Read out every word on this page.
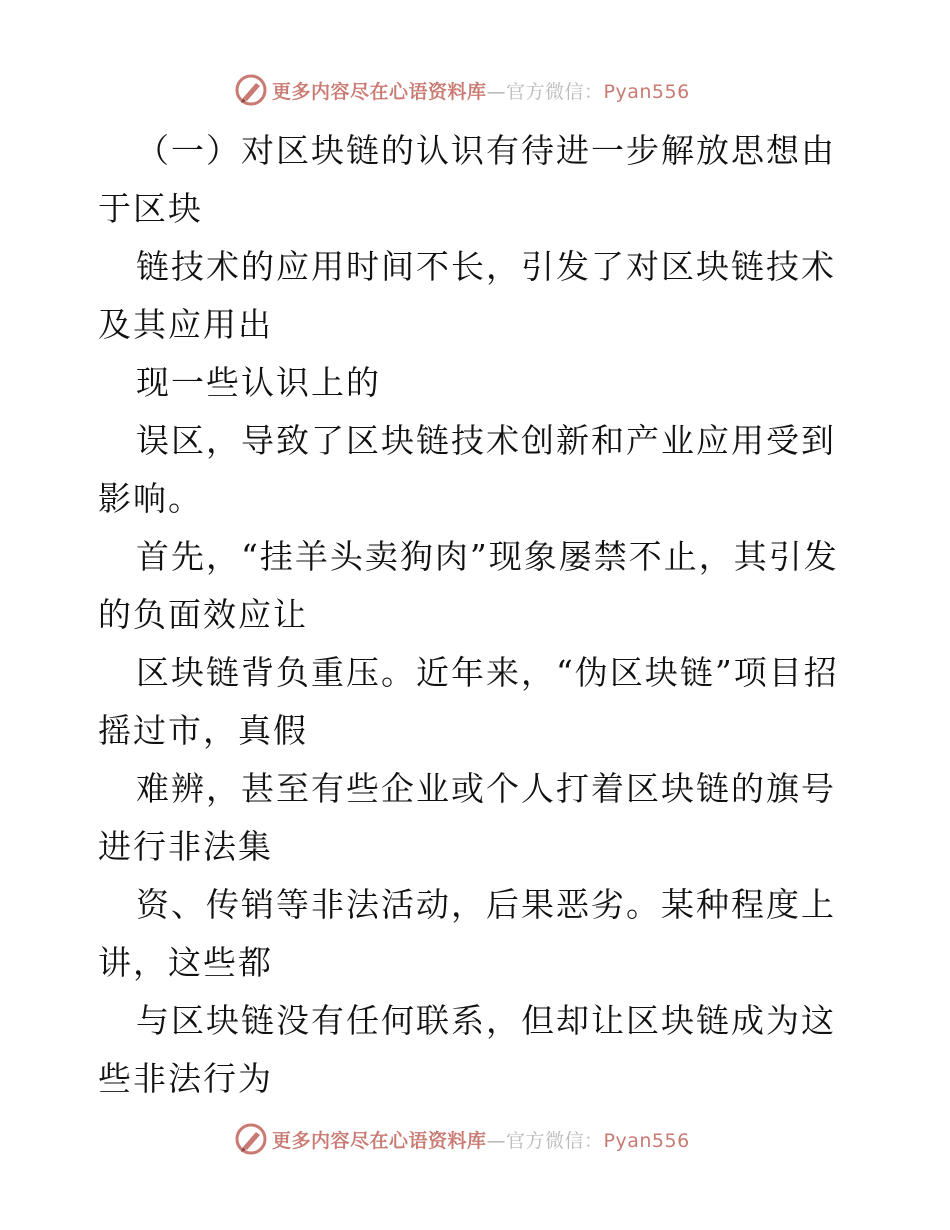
更多内容尽在心语资料库—官方微信：Pyan556

（一）对区块链的认识有待进一步解放思想由于区块

链技术的应用时间不长，引发了对区块链技术及其应用出

现一些认识上的

误区，导致了区块链技术创新和产业应用受到影响。

首先，“挂羊头卖狗肉”现象屡禁不止，其引发的负面效应让

区块链背负重压。近年来，“伪区块链”项目招摇过市，真假

难辨，甚至有些企业或个人打着区块链的旗号进行非法集

资、传销等非法活动，后果恶劣。某种程度上讲，这些都

与区块链没有任何联系，但却让区块链成为这些非法行为

更多内容尽在心语资料库—官方微信：Pyan556
